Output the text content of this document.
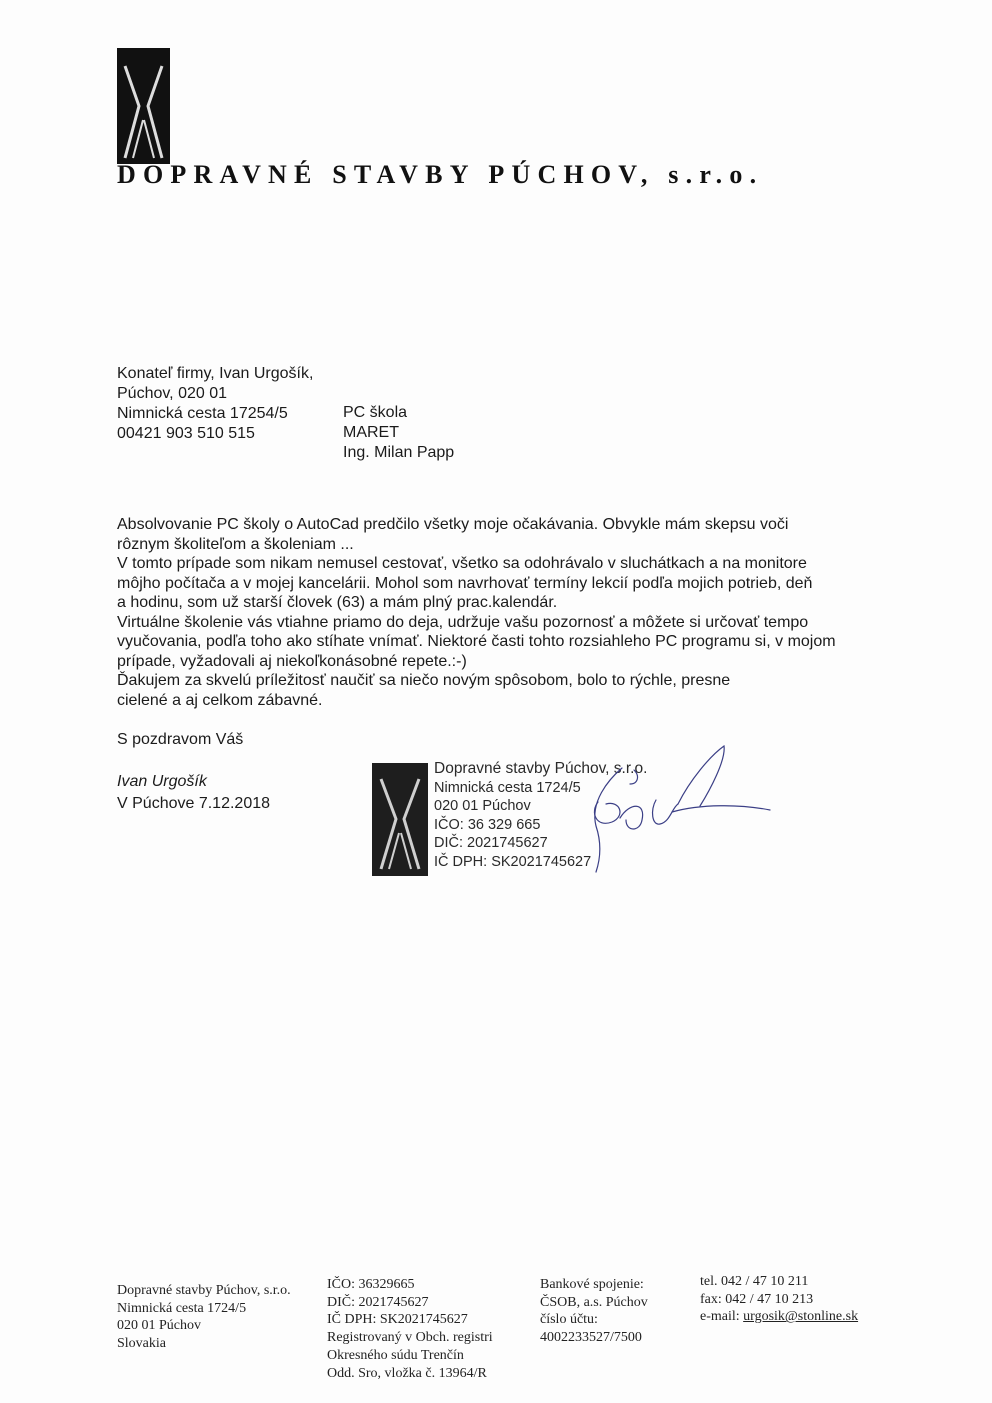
DOPRAVNÉ STAVBY PÚCHOV, s.r.o.
Konateľ firmy, Ivan Urgošík,
Púchov, 020 01
Nimnická cesta 17254/5
00421 903 510 515
PC škola
MARET
Ing. Milan Papp
Absolvovanie PC školy o AutoCad predčilo všetky moje očakávania. Obvykle mám skepsu voči
rôznym školiteľom a školeniam ...
V tomto prípade som nikam nemusel cestovať, všetko sa odohrávalo v sluchátkach a na monitore
môjho počítača a v mojej kancelárii. Mohol som navrhovať termíny lekcií podľa mojich potrieb, deň
a hodinu, som už starší človek (63) a mám plný prac.kalendár.
Virtuálne školenie vás vtiahne priamo do deja, udržuje vašu pozornosť a môžete si určovať tempo
vyučovania, podľa toho ako stíhate vnímať. Niektoré časti tohto rozsiahleho PC programu si, v mojom
prípade, vyžadovali aj niekoľkonásobné repete.:-)
Ďakujem za skvelú príležitosť naučiť sa niečo novým spôsobom, bolo to rýchle, presne
cielené a aj celkom zábavné.
S pozdravom Váš
Ivan Urgošík
V Púchove 7.12.2018
Dopravné stavby Púchov, s.r.o.
Nimnická cesta 1724/5
020 01 Púchov
IČO: 36 329 665
DIČ: 2021745627
IČ DPH: SK2021745627
Dopravné stavby Púchov, s.r.o.
Nimnická cesta 1724/5
020 01 Púchov
Slovakia
IČO: 36329665
DIČ: 2021745627
IČ DPH: SK2021745627
Registrovaný v Obch. registri
Okresného súdu Trenčín
Odd. Sro, vložka č. 13964/R
Bankové spojenie:
ČSOB, a.s. Púchov
číslo účtu:
4002233527/7500
tel. 042 / 47 10 211
fax: 042 / 47 10 213
e-mail: urgosik@stonline.sk
